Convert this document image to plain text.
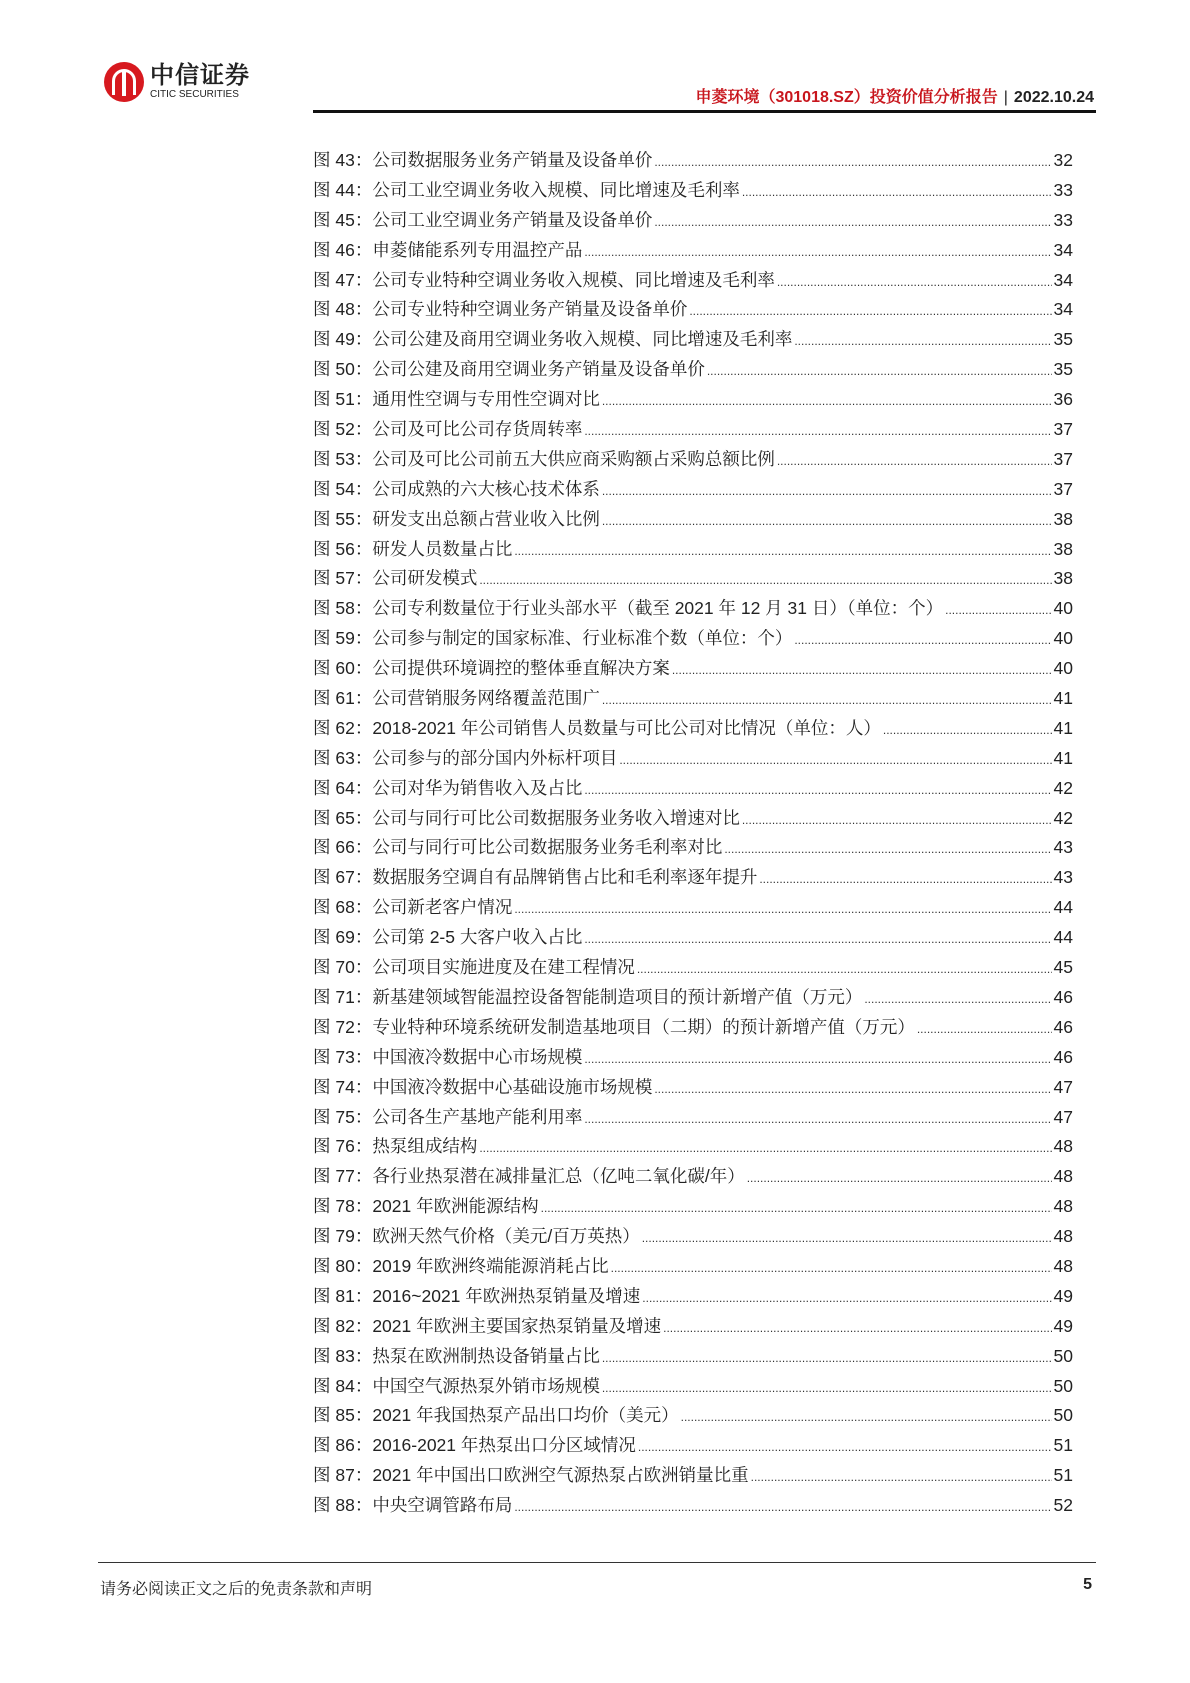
中信证券
CITIC SECURITIES	申菱环境（301018.SZ）投资价值分析报告 | 2022.10.24
图 43：公司数据服务业务产销量及设备单价 .....	32
图 44：公司工业空调业务收入规模、同比增速及毛利率 .....	33
图 45：公司工业空调业务产销量及设备单价 .....	33
图 46：申菱储能系列专用温控产品 .....	34
图 47：公司专业特种空调业务收入规模、同比增速及毛利率 .....	34
图 48：公司专业特种空调业务产销量及设备单价 .....	34
图 49：公司公建及商用空调业务收入规模、同比增速及毛利率 .....	35
图 50：公司公建及商用空调业务产销量及设备单价 .....	35
图 51：通用性空调与专用性空调对比 .....	36
图 52：公司及可比公司存货周转率 .....	37
图 53：公司及可比公司前五大供应商采购额占采购总额比例 .....	37
图 54：公司成熟的六大核心技术体系 .....	37
图 55：研发支出总额占营业收入比例 .....	38
图 56：研发人员数量占比 .....	38
图 57：公司研发模式 .....	38
图 58：公司专利数量位于行业头部水平（截至 2021 年 12 月 31 日）（单位：个） .....	40
图 59：公司参与制定的国家标准、行业标准个数（单位：个） .....	40
图 60：公司提供环境调控的整体垂直解决方案 .....	40
图 61：公司营销服务网络覆盖范围广 .....	41
图 62：2018-2021 年公司销售人员数量与可比公司对比情况（单位：人） .....	41
图 63：公司参与的部分国内外标杆项目 .....	41
图 64：公司对华为销售收入及占比 .....	42
图 65：公司与同行可比公司数据服务业务收入增速对比 .....	42
图 66：公司与同行可比公司数据服务业务毛利率对比 .....	43
图 67：数据服务空调自有品牌销售占比和毛利率逐年提升 .....	43
图 68：公司新老客户情况 .....	44
图 69：公司第 2-5 大客户收入占比 .....	44
图 70：公司项目实施进度及在建工程情况 .....	45
图 71：新基建领域智能温控设备智能制造项目的预计新增产值（万元） .....	46
图 72：专业特种环境系统研发制造基地项目（二期）的预计新增产值（万元） .....	46
图 73：中国液冷数据中心市场规模 .....	46
图 74：中国液冷数据中心基础设施市场规模 .....	47
图 75：公司各生产基地产能利用率 .....	47
图 76：热泵组成结构 .....	48
图 77：各行业热泵潜在减排量汇总（亿吨二氧化碳/年） .....	48
图 78：2021 年欧洲能源结构 .....	48
图 79：欧洲天然气价格（美元/百万英热） .....	48
图 80：2019 年欧洲终端能源消耗占比 .....	48
图 81：2016~2021 年欧洲热泵销量及增速 .....	49
图 82：2021 年欧洲主要国家热泵销量及增速 .....	49
图 83：热泵在欧洲制热设备销量占比 .....	50
图 84：中国空气源热泵外销市场规模 .....	50
图 85：2021 年我国热泵产品出口均价（美元） .....	50
图 86：2016-2021 年热泵出口分区域情况 .....	51
图 87：2021 年中国出口欧洲空气源热泵占欧洲销量比重 .....	51
图 88：中央空调管路布局 .....	52
请务必阅读正文之后的免责条款和声明	5
